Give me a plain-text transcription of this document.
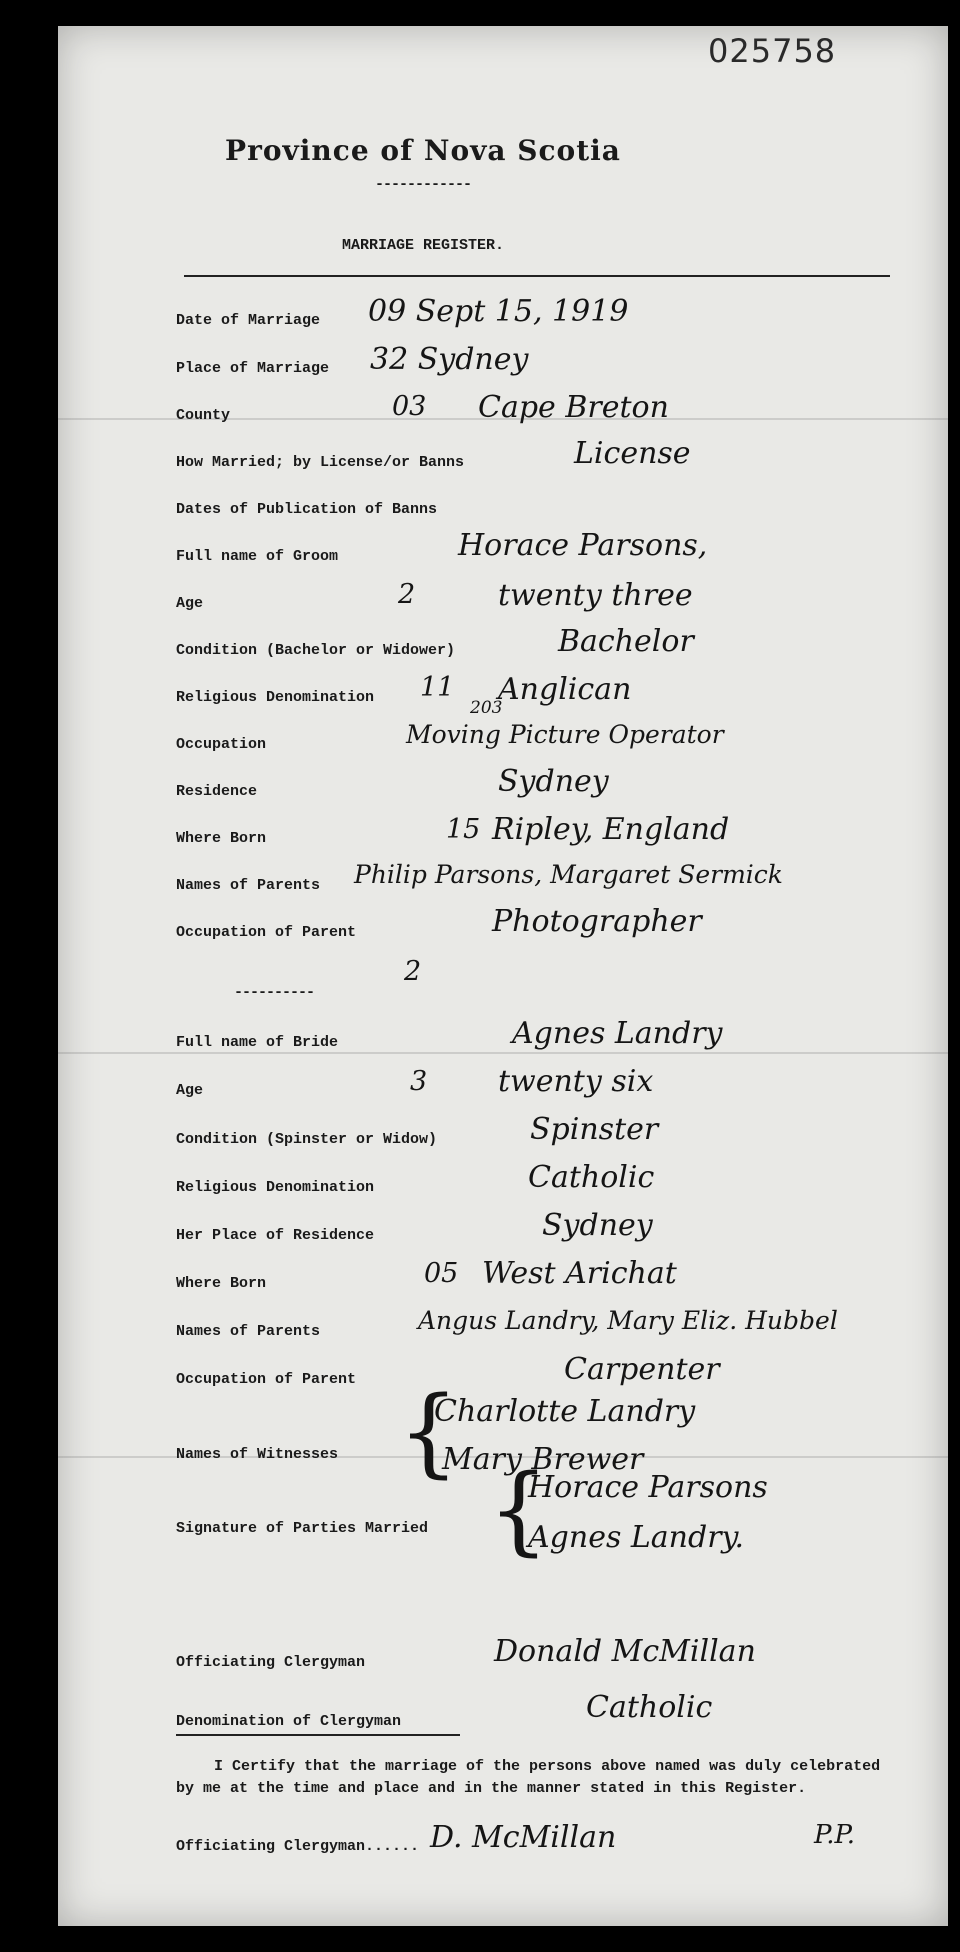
025758
Province of Nova Scotia
------------
MARRIAGE REGISTER.
Date of Marriage 09 Sept 15, 1919
Place of Marriage 32 Sydney
County	03 Cape Breton
How Married; by License/or Banns	License
Dates of Publication of Banns
Full name of Groom	Horace Parsons,
Age	2	twenty three
Condition (Bachelor or Widower)	Bachelor
Religious Denomination 11 Anglican
Occupation	Moving Picture Operator
203
Residence	Sydney
Where Born	15 Ripley, England
Names of Parents Philip Parsons, Margaret Sermick
Occupation of Parent	Photographer
2
----------
Full name of Bride	Agnes Landry
Age	3 twenty six
Condition (Spinster or Widow)	Spinster
Religious Denomination	Catholic
Her Place of Residence	Sydney
Where Born	05 West Arichat
Names of Parents	Angus Landry, Mary Eliz. Hubbel
Occupation of Parent	Carpenter
Names of Witnesses {
Charlotte Landry
Mary Brewer
Signature of Parties Married {
Horace Parsons
Agnes Landry.
Officiating Clergyman	Donald McMillan
Denomination of Clergyman	Catholic
I Certify that the marriage of the persons above named was duly celebrated by me at the time and place and in the manner stated in this Register.
Officiating Clergyman...... D. McMillan	P.P.
